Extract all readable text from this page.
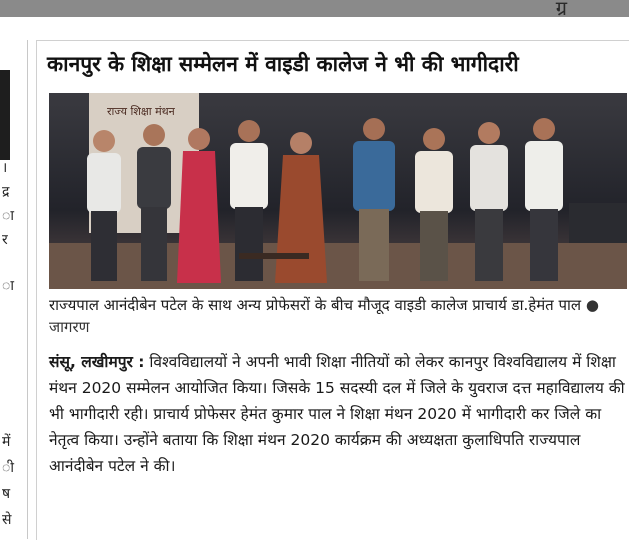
ग्र
।
द्र
ा
र
ा
में
ी
ष
से
कानपुर के शिक्षा सम्मेलन में वाइडी कालेज ने भी की भागीदारी
राज्य शिक्षा मंथन
राज्यपाल आनंदीबेन पटेल के साथ अन्य प्रोफेसरों के बीच मौजूद वाइडी कालेज प्राचार्य डा.हेमंत पाल ● जागरण
संसू, लखीमपुर : विश्वविद्यालयों ने अपनी भावी शिक्षा नीतियों को लेकर कानपुर विश्वविद्यालय में शिक्षा मंथन 2020 सम्मेलन आयोजित किया। जिसके 15 सदस्यी दल में जिले के युवराज दत्त महाविद्यालय की भी भागीदारी रही। प्राचार्य प्रोफेसर हेमंत कुमार पाल ने शिक्षा मंथन 2020 में भागीदारी कर जिले का नेतृत्व किया। उन्होंने बताया कि शिक्षा मंथन 2020 कार्यक्रम की अध्यक्षता कुलाधिपति राज्यपाल आनंदीबेन पटेल ने की।
